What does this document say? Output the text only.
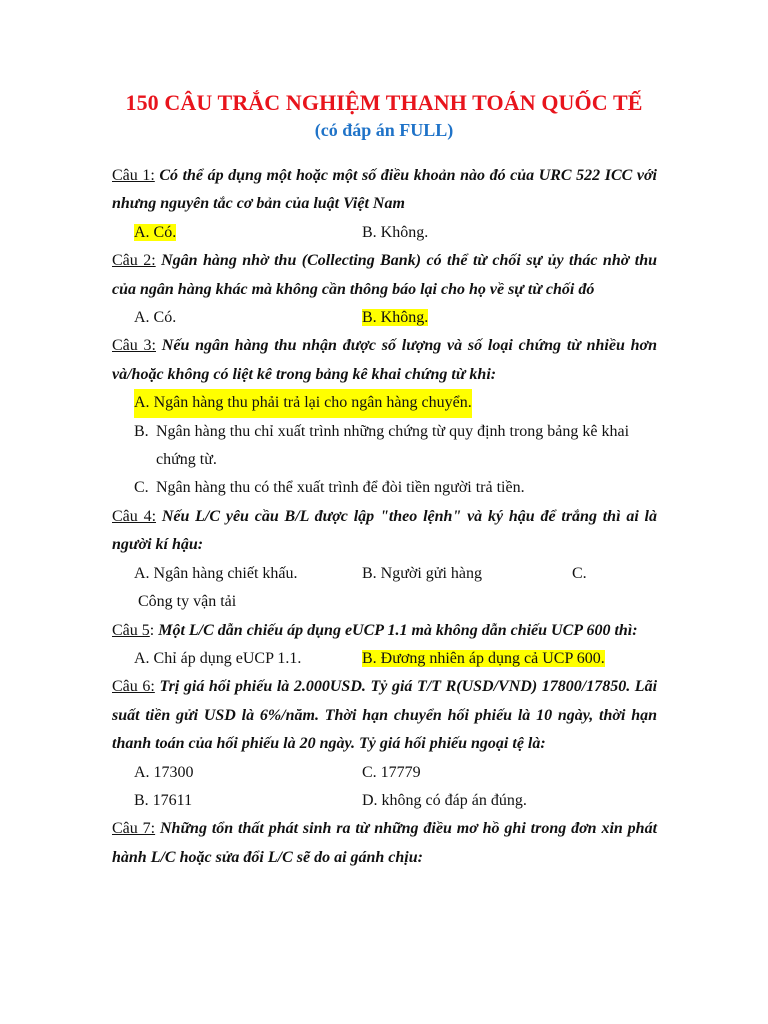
150 CÂU TRẮC NGHIỆM THANH TOÁN QUỐC TẾ
(có đáp án FULL)
Câu 1: Có thể áp dụng một hoặc một số điều khoản nào đó của URC 522 ICC với nhưng nguyên tắc cơ bản của luật Việt Nam
A. Có.	B. Không.
Câu 2: Ngân hàng nhờ thu (Collecting Bank) có thể từ chối sự ủy thác nhờ thu của ngân hàng khác mà không cần thông báo lại cho họ về sự từ chối đó
A. Có.	B. Không.
Câu 3: Nếu ngân hàng thu nhận được số lượng và số loại chứng từ nhiều hơn và/hoặc không có liệt kê trong bảng kê khai chứng từ khi:
A. Ngân hàng thu phải trả lại cho ngân hàng chuyển.
B. Ngân hàng thu chỉ xuất trình những chứng từ quy định trong bảng kê khai chứng từ.
C. Ngân hàng thu có thể xuất trình để đòi tiền người trả tiền.
Câu 4: Nếu L/C yêu cầu B/L được lập "theo lệnh" và ký hậu để trắng thì ai là người kí hậu:
A. Ngân hàng chiết khấu.	B. Người gửi hàng	C.
Công ty vận tải
Câu 5: Một L/C dẫn chiếu áp dụng eUCP 1.1 mà không dẫn chiếu UCP 600 thì:
A. Chỉ áp dụng eUCP 1.1.	B. Đương nhiên áp dụng cả UCP 600.
Câu 6: Trị giá hối phiếu là 2.000USD. Tỷ giá T/T R(USD/VND) 17800/17850. Lãi suất tiền gửi USD là 6%/năm. Thời hạn chuyển hối phiếu là 10 ngày, thời hạn thanh toán của hối phiếu là 20 ngày. Tỷ giá hối phiếu ngoại tệ là:
A. 17300	C. 17779
B. 17611	D. không có đáp án đúng.
Câu 7: Những tổn thất phát sinh ra từ những điều mơ hồ ghi trong đơn xin phát hành L/C hoặc sửa đổi L/C sẽ do ai gánh chịu:
